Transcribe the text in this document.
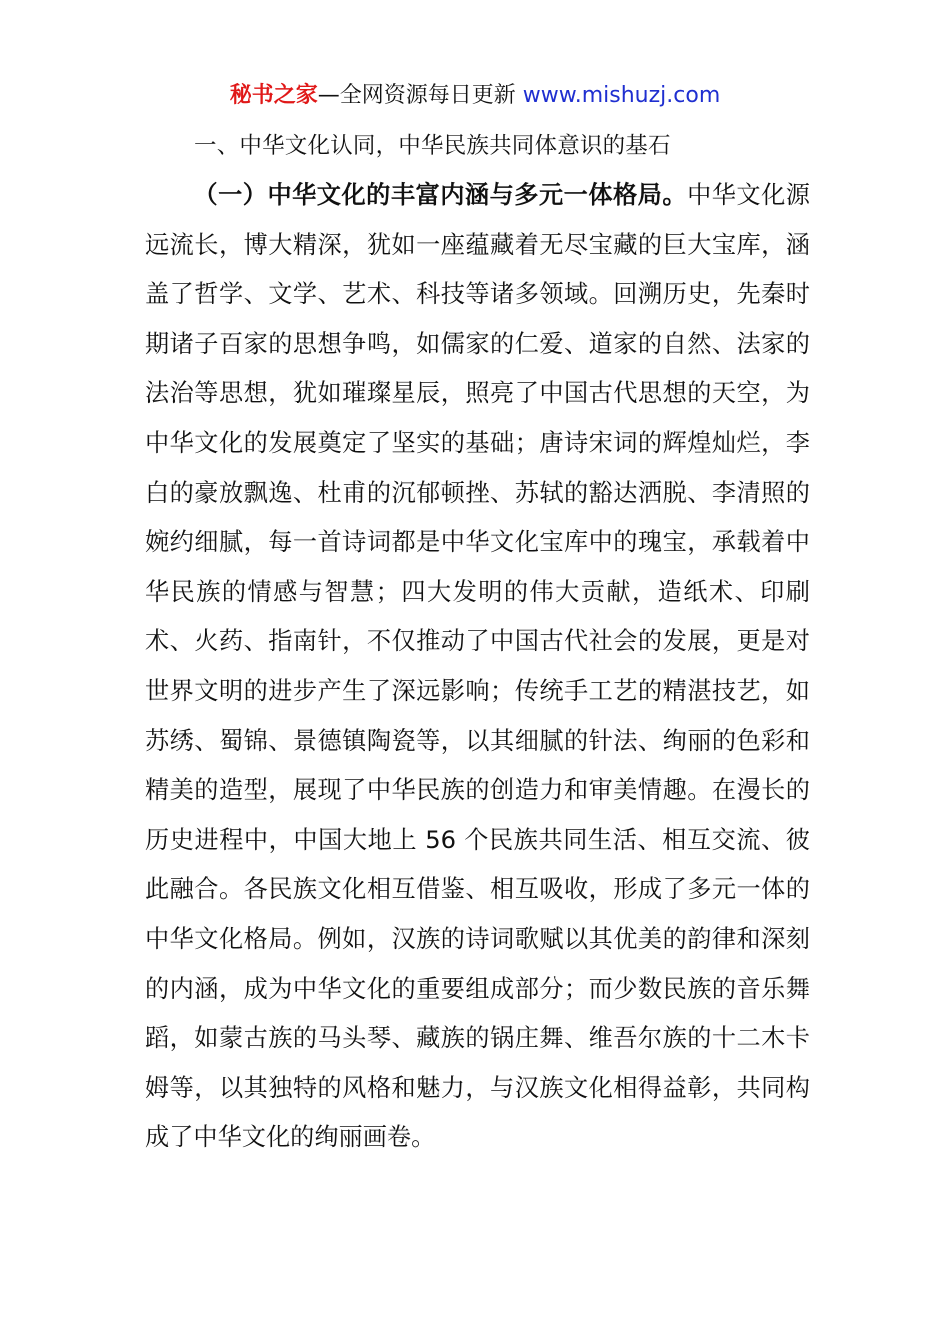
秘书之家—全网资源每日更新 www.mishuzj.com
一、中华文化认同，中华民族共同体意识的基石

（一）中华文化的丰富内涵与多元一体格局。中华文化源远流长，博大精深，犹如一座蕴藏着无尽宝藏的巨大宝库，涵盖了哲学、文学、艺术、科技等诸多领域。回溯历史，先秦时期诸子百家的思想争鸣，如儒家的仁爱、道家的自然、法家的法治等思想，犹如璀璨星辰，照亮了中国古代思想的天空，为中华文化的发展奠定了坚实的基础；唐诗宋词的辉煌灿烂，李白的豪放飘逸、杜甫的沉郁顿挫、苏轼的豁达洒脱、李清照的婉约细腻，每一首诗词都是中华文化宝库中的瑰宝，承载着中华民族的情感与智慧；四大发明的伟大贡献，造纸术、印刷术、火药、指南针，不仅推动了中国古代社会的发展，更是对世界文明的进步产生了深远影响；传统手工艺的精湛技艺，如苏绣、蜀锦、景德镇陶瓷等，以其细腻的针法、绚丽的色彩和精美的造型，展现了中华民族的创造力和审美情趣。在漫长的历史进程中，中国大地上 56 个民族共同生活、相互交流、彼此融合。各民族文化相互借鉴、相互吸收，形成了多元一体的中华文化格局。例如，汉族的诗词歌赋以其优美的韵律和深刻的内涵，成为中华文化的重要组成部分；而少数民族的音乐舞蹈，如蒙古族的马头琴、藏族的锅庄舞、维吾尔族的十二木卡姆等，以其独特的风格和魅力，与汉族文化相得益彰，共同构成了中华文化的绚丽画卷。
